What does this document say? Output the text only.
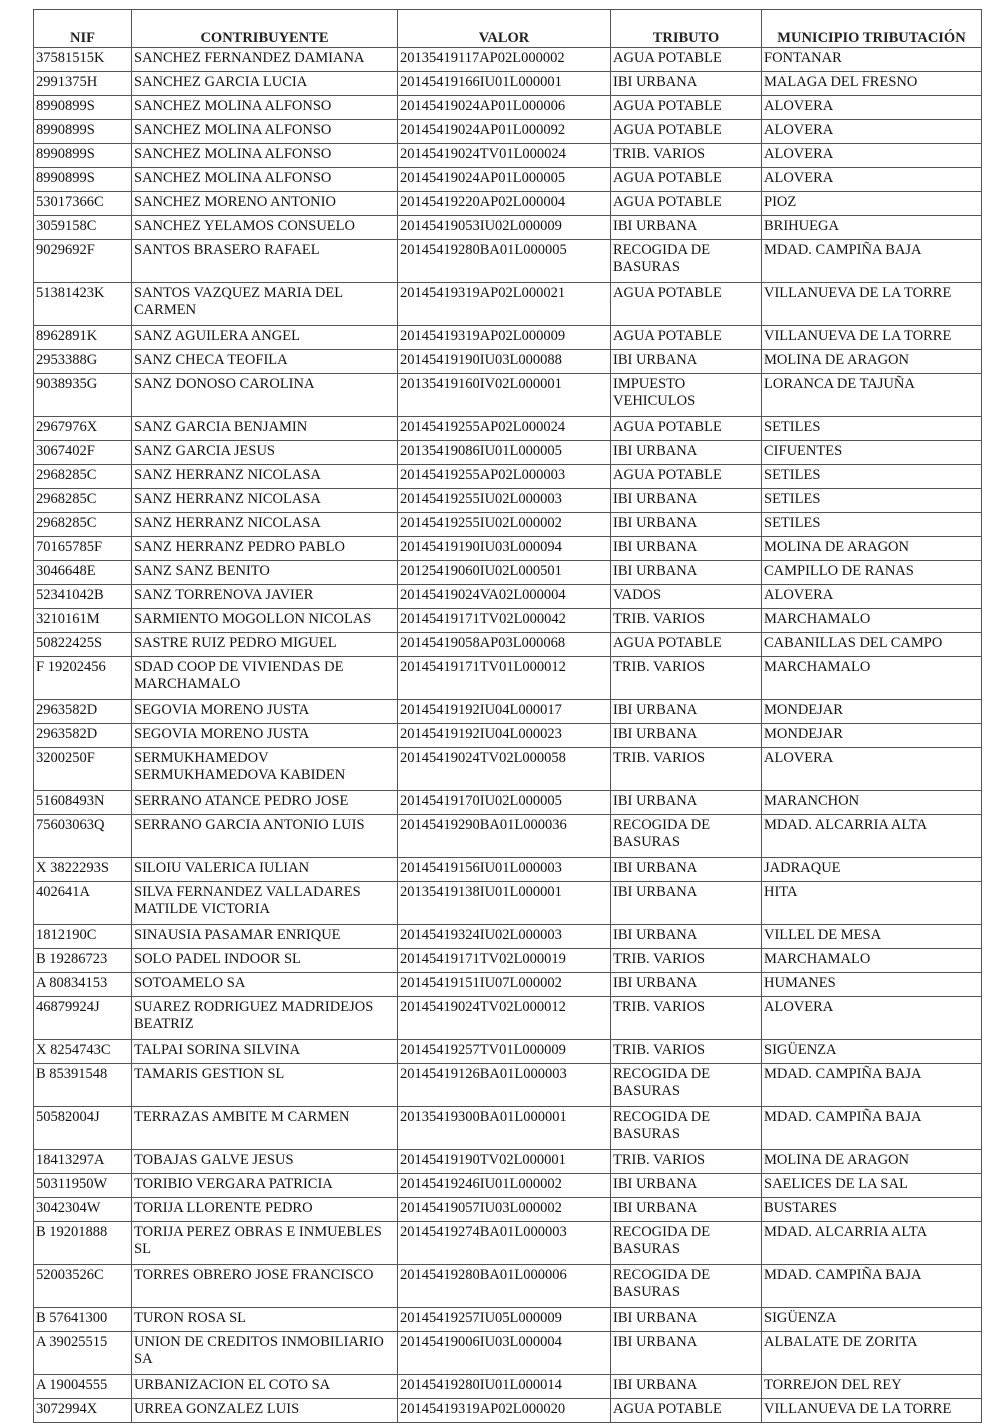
NIF	CONTRIBUYENTE	VALOR	TRIBUTO	MUNICIPIO TRIBUTACIÓN
37581515K	SANCHEZ FERNANDEZ DAMIANA	20135419117AP02L000002	AGUA POTABLE	FONTANAR
2991375H	SANCHEZ GARCIA LUCIA	20145419166IU01L000001	IBI URBANA	MALAGA DEL FRESNO
8990899S	SANCHEZ MOLINA ALFONSO	20145419024AP01L000006	AGUA POTABLE	ALOVERA
8990899S	SANCHEZ MOLINA ALFONSO	20145419024AP01L000092	AGUA POTABLE	ALOVERA
8990899S	SANCHEZ MOLINA ALFONSO	20145419024TV01L000024	TRIB. VARIOS	ALOVERA
8990899S	SANCHEZ MOLINA ALFONSO	20145419024AP01L000005	AGUA POTABLE	ALOVERA
53017366C	SANCHEZ MORENO ANTONIO	20145419220AP02L000004	AGUA POTABLE	PIOZ
3059158C	SANCHEZ YELAMOS CONSUELO	20145419053IU02L000009	IBI URBANA	BRIHUEGA
9029692F	SANTOS BRASERO RAFAEL	20145419280BA01L000005	RECOGIDA DE BASURAS	MDAD. CAMPIÑA BAJA
51381423K	SANTOS VAZQUEZ MARIA DEL CARMEN	20145419319AP02L000021	AGUA POTABLE	VILLANUEVA DE LA TORRE
8962891K	SANZ AGUILERA ANGEL	20145419319AP02L000009	AGUA POTABLE	VILLANUEVA DE LA TORRE
2953388G	SANZ CHECA TEOFILA	20145419190IU03L000088	IBI URBANA	MOLINA DE ARAGON
9038935G	SANZ DONOSO CAROLINA	20135419160IV02L000001	IMPUESTO VEHICULOS	LORANCA DE TAJUÑA
2967976X	SANZ GARCIA BENJAMIN	20145419255AP02L000024	AGUA POTABLE	SETILES
3067402F	SANZ GARCIA JESUS	20135419086IU01L000005	IBI URBANA	CIFUENTES
2968285C	SANZ HERRANZ NICOLASA	20145419255AP02L000003	AGUA POTABLE	SETILES
2968285C	SANZ HERRANZ NICOLASA	20145419255IU02L000003	IBI URBANA	SETILES
2968285C	SANZ HERRANZ NICOLASA	20145419255IU02L000002	IBI URBANA	SETILES
70165785F	SANZ HERRANZ PEDRO PABLO	20145419190IU03L000094	IBI URBANA	MOLINA DE ARAGON
3046648E	SANZ SANZ BENITO	20125419060IU02L000501	IBI URBANA	CAMPILLO DE RANAS
52341042B	SANZ TORRENOVA JAVIER	20145419024VA02L000004	VADOS	ALOVERA
3210161M	SARMIENTO MOGOLLON NICOLAS	20145419171TV02L000042	TRIB. VARIOS	MARCHAMALO
50822425S	SASTRE RUIZ PEDRO MIGUEL	20145419058AP03L000068	AGUA POTABLE	CABANILLAS DEL CAMPO
F 19202456	SDAD COOP DE VIVIENDAS DE MARCHAMALO	20145419171TV01L000012	TRIB. VARIOS	MARCHAMALO
2963582D	SEGOVIA MORENO JUSTA	20145419192IU04L000017	IBI URBANA	MONDEJAR
2963582D	SEGOVIA MORENO JUSTA	20145419192IU04L000023	IBI URBANA	MONDEJAR
3200250F	SERMUKHAMEDOV SERMUKHAMEDOVA KABIDEN	20145419024TV02L000058	TRIB. VARIOS	ALOVERA
51608493N	SERRANO ATANCE PEDRO JOSE	20145419170IU02L000005	IBI URBANA	MARANCHON
75603063Q	SERRANO GARCIA ANTONIO LUIS	20145419290BA01L000036	RECOGIDA DE BASURAS	MDAD. ALCARRIA ALTA
X 3822293S	SILOIU VALERICA IULIAN	20145419156IU01L000003	IBI URBANA	JADRAQUE
402641A	SILVA FERNANDEZ VALLADARES MATILDE VICTORIA	20135419138IU01L000001	IBI URBANA	HITA
1812190C	SINAUSIA PASAMAR ENRIQUE	20145419324IU02L000003	IBI URBANA	VILLEL DE MESA
B 19286723	SOLO PADEL INDOOR SL	20145419171TV02L000019	TRIB. VARIOS	MARCHAMALO
A 80834153	SOTOAMELO SA	20145419151IU07L000002	IBI URBANA	HUMANES
46879924J	SUAREZ RODRIGUEZ MADRIDEJOS BEATRIZ	20145419024TV02L000012	TRIB. VARIOS	ALOVERA
X 8254743C	TALPAI SORINA SILVINA	20145419257TV01L000009	TRIB. VARIOS	SIGÜENZA
B 85391548	TAMARIS GESTION SL	20145419126BA01L000003	RECOGIDA DE BASURAS	MDAD. CAMPIÑA BAJA
50582004J	TERRAZAS AMBITE M CARMEN	20135419300BA01L000001	RECOGIDA DE BASURAS	MDAD. CAMPIÑA BAJA
18413297A	TOBAJAS GALVE JESUS	20145419190TV02L000001	TRIB. VARIOS	MOLINA DE ARAGON
50311950W	TORIBIO VERGARA PATRICIA	20145419246IU01L000002	IBI URBANA	SAELICES DE LA SAL
3042304W	TORIJA LLORENTE PEDRO	20145419057IU03L000002	IBI URBANA	BUSTARES
B 19201888	TORIJA PEREZ OBRAS E INMUEBLES SL	20145419274BA01L000003	RECOGIDA DE BASURAS	MDAD. ALCARRIA ALTA
52003526C	TORRES OBRERO JOSE FRANCISCO	20145419280BA01L000006	RECOGIDA DE BASURAS	MDAD. CAMPIÑA BAJA
B 57641300	TURON ROSA SL	20145419257IU05L000009	IBI URBANA	SIGÜENZA
A 39025515	UNION DE CREDITOS INMOBILIARIO SA	20145419006IU03L000004	IBI URBANA	ALBALATE DE ZORITA
A 19004555	URBANIZACION EL COTO SA	20145419280IU01L000014	IBI URBANA	TORREJON DEL REY
3072994X	URREA GONZALEZ LUIS	20145419319AP02L000020	AGUA POTABLE	VILLANUEVA DE LA TORRE
